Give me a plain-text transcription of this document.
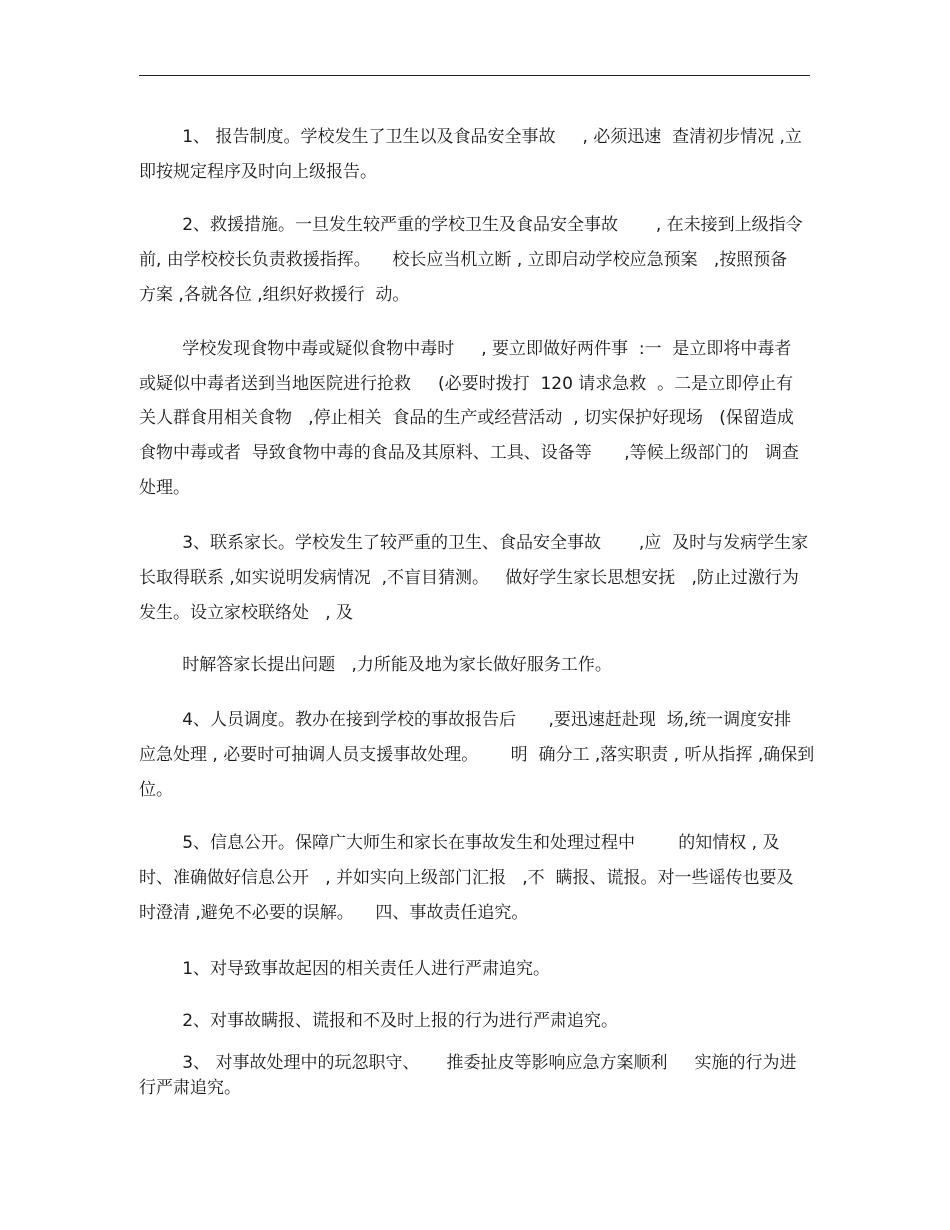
1、 报告制度。学校发生了卫生以及食品安全事故     , 必须迅速  查清初步情况 ,立
即按规定程序及时向上级报告。
2、救援措施。一旦发生较严重的学校卫生及食品安全事故       , 在未接到上级指令
前, 由学校校长负责救援指挥。    校长应当机立断 , 立即启动学校应急预案   ,按照预备
方案 ,各就各位 ,组织好救援行  动。
学校发现食物中毒或疑似食物中毒时     , 要立即做好两件事  :一  是立即将中毒者
或疑似中毒者送到当地医院进行抢救     (必要时拨打  120 请求急救  。二是立即停止有
关人群食用相关食物   ,停止相关  食品的生产或经营活动  , 切实保护好现场   (保留造成
食物中毒或者  导致食物中毒的食品及其原料、工具、设备等      ,等候上级部门的   调查
处理。
3、联系家长。学校发生了较严重的卫生、食品安全事故       ,应  及时与发病学生家
长取得联系 ,如实说明发病情况  ,不盲目猜测。   做好学生家长思想安抚   ,防止过激行为
发生。设立家校联络处   , 及
时解答家长提出问题   ,力所能及地为家长做好服务工作。
4、人员调度。教办在接到学校的事故报告后      ,要迅速赶赴现  场,统一调度安排
应急处理 , 必要时可抽调人员支援事故处理。      明  确分工 ,落实职责 , 听从指挥 ,确保到
位。
5、信息公开。保障广大师生和家长在事故发生和处理过程中        的知情权 , 及
时、准确做好信息公开   , 并如实向上级部门汇报   ,不  瞒报、谎报。对一些谣传也要及
时澄清 ,避免不必要的误解。    四、事故责任追究。
1、对导致事故起因的相关责任人进行严肃追究。
2、对事故瞒报、谎报和不及时上报的行为进行严肃追究。
3、 对事故处理中的玩忽职守、     推委扯皮等影响应急方案顺利     实施的行为进
行严肃追究。
